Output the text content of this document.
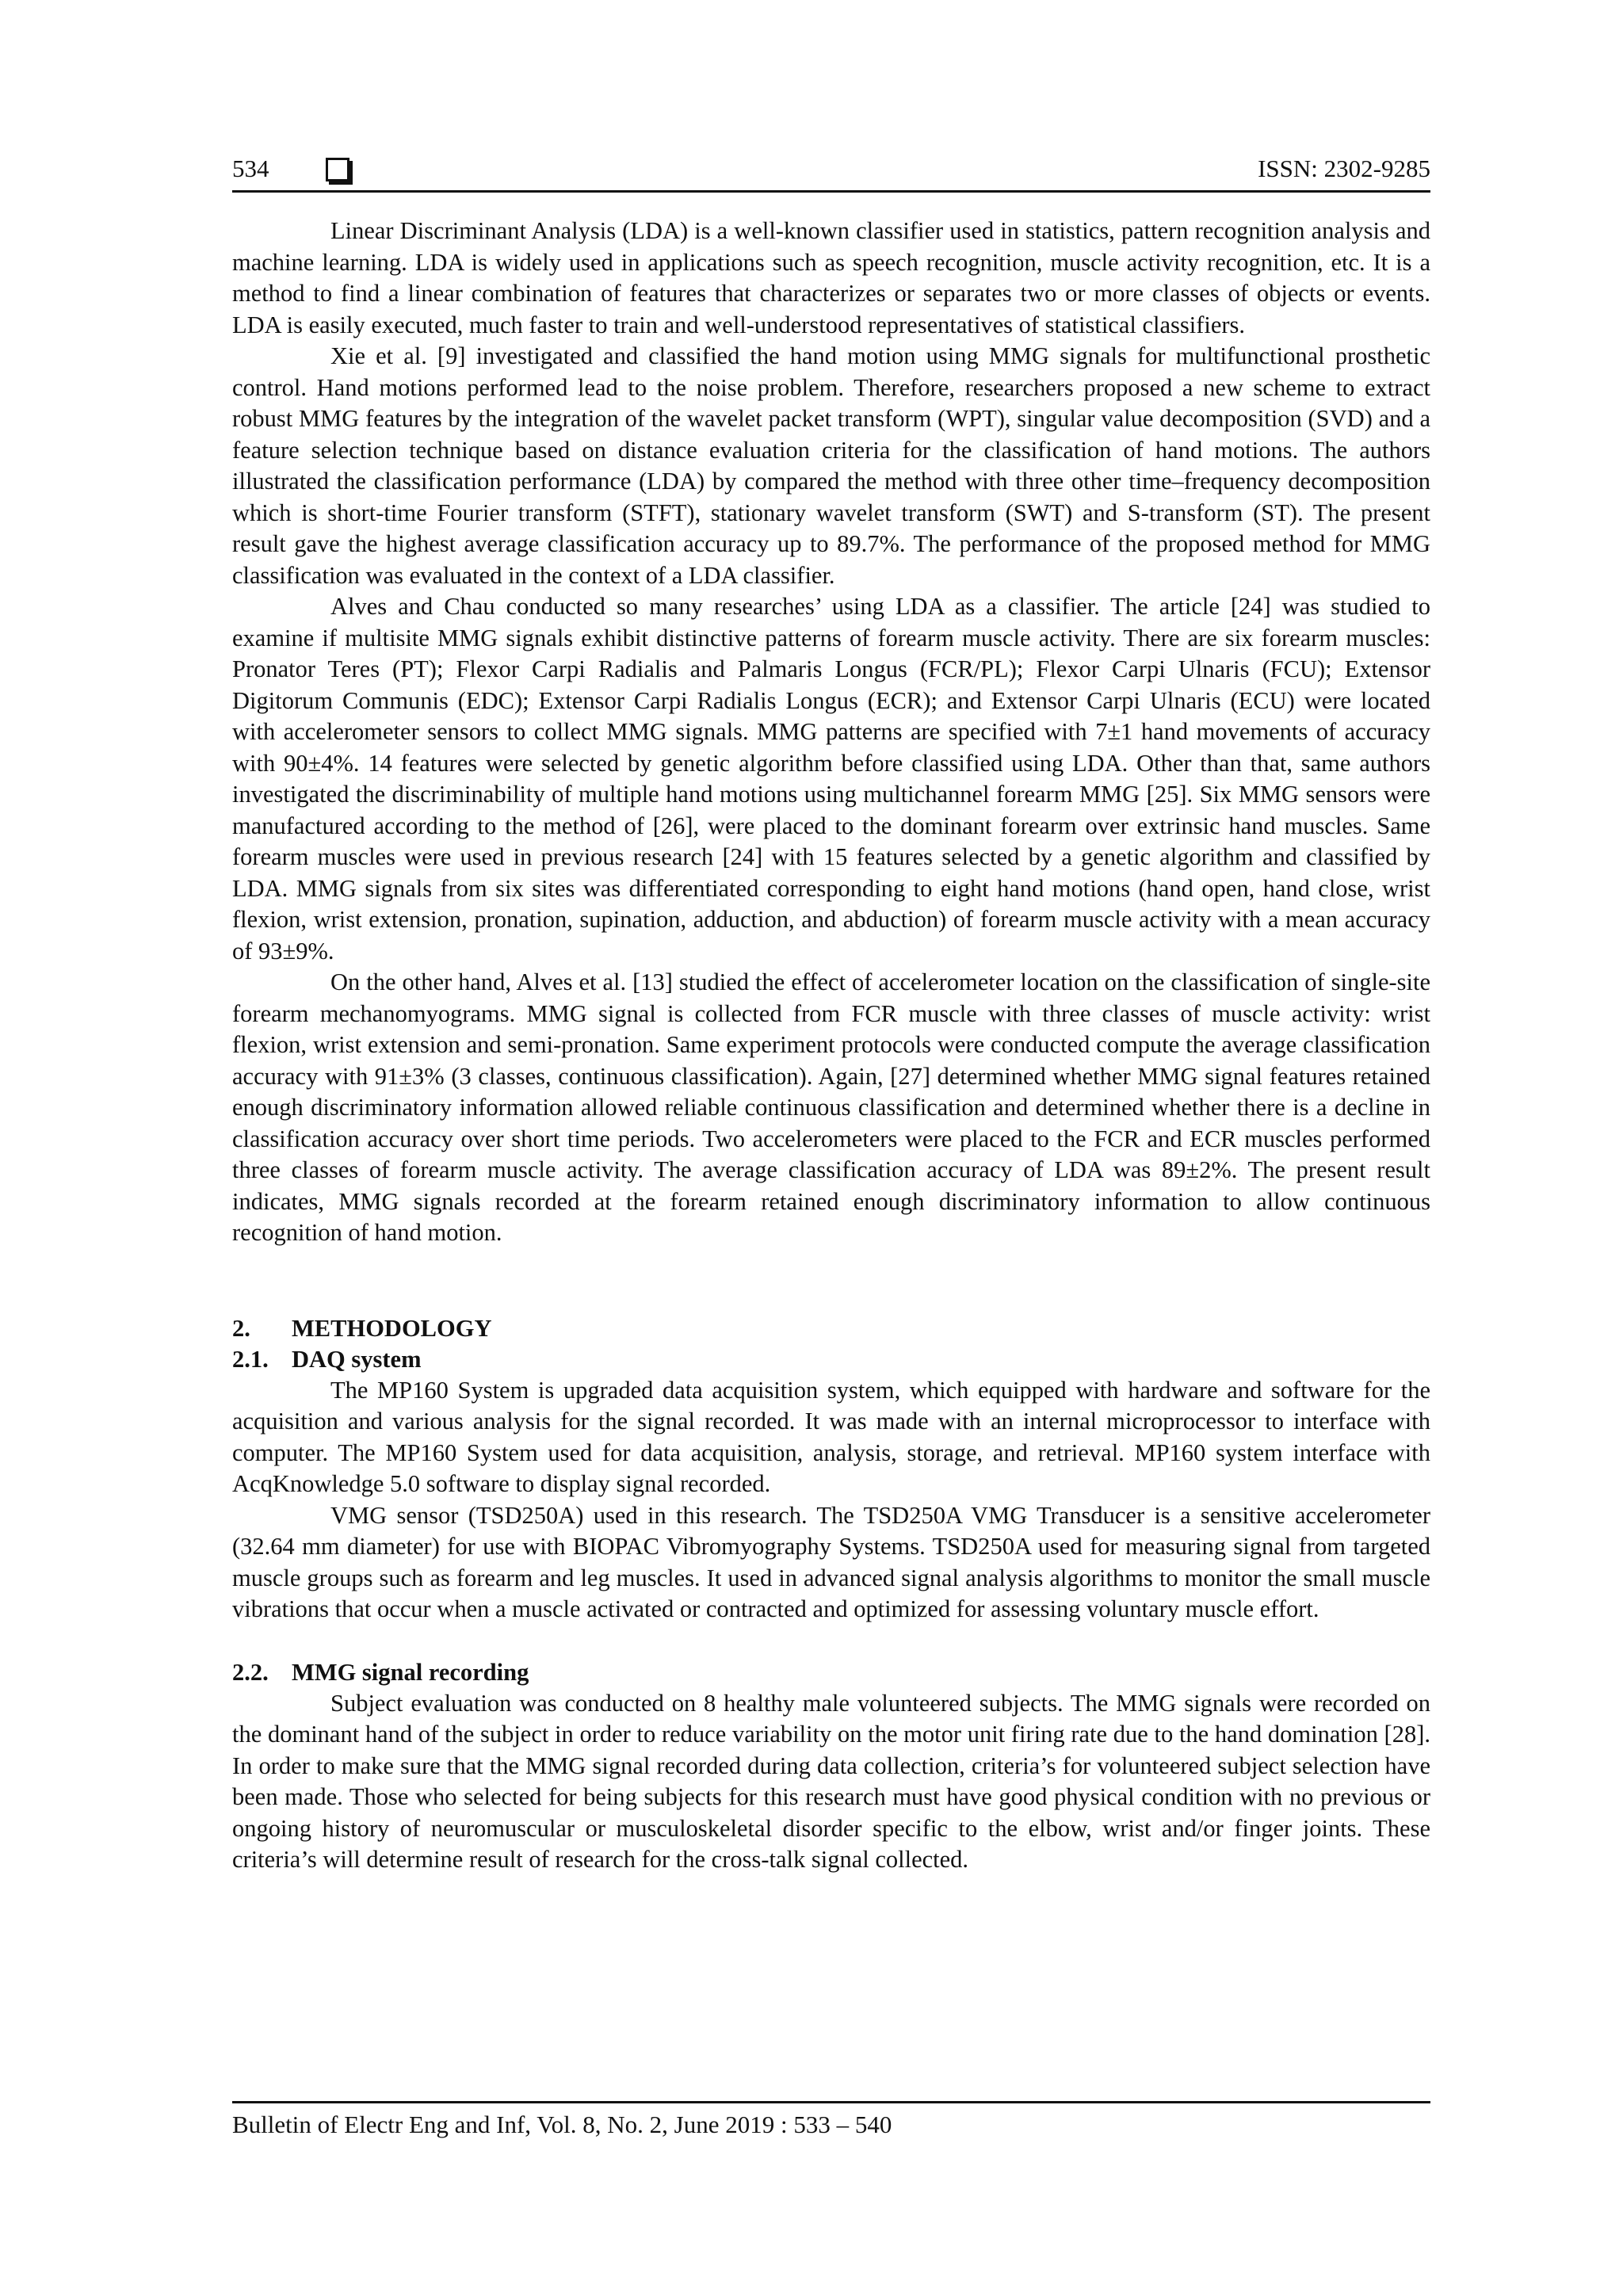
534	ISSN: 2302-9285

Linear Discriminant Analysis (LDA) is a well-known classifier used in statistics, pattern recognition analysis and machine learning. LDA is widely used in applications such as speech recognition, muscle activity recognition, etc. It is a method to find a linear combination of features that characterizes or separates two or more classes of objects or events. LDA is easily executed, much faster to train and well-understood representatives of statistical classifiers.

Xie et al. [9] investigated and classified the hand motion using MMG signals for multifunctional prosthetic control. Hand motions performed lead to the noise problem. Therefore, researchers proposed a new scheme to extract robust MMG features by the integration of the wavelet packet transform (WPT), singular value decomposition (SVD) and a feature selection technique based on distance evaluation criteria for the classification of hand motions. The authors illustrated the classification performance (LDA) by compared the method with three other time–frequency decomposition which is short-time Fourier transform (STFT), stationary wavelet transform (SWT) and S-transform (ST). The present result gave the highest average classification accuracy up to 89.7%. The performance of the proposed method for MMG classification was evaluated in the context of a LDA classifier.

Alves and Chau conducted so many researches’ using LDA as a classifier. The article [24] was studied to examine if multisite MMG signals exhibit distinctive patterns of forearm muscle activity. There are six forearm muscles: Pronator Teres (PT); Flexor Carpi Radialis and Palmaris Longus (FCR/PL); Flexor Carpi Ulnaris (FCU); Extensor Digitorum Communis (EDC); Extensor Carpi Radialis Longus (ECR); and Extensor Carpi Ulnaris (ECU) were located with accelerometer sensors to collect MMG signals. MMG patterns are specified with 7±1 hand movements of accuracy with 90±4%. 14 features were selected by genetic algorithm before classified using LDA. Other than that, same authors investigated the discriminability of multiple hand motions using multichannel forearm MMG [25]. Six MMG sensors were manufactured according to the method of [26], were placed to the dominant forearm over extrinsic hand muscles. Same forearm muscles were used in previous research [24] with 15 features selected by a genetic algorithm and classified by LDA. MMG signals from six sites was differentiated corresponding to eight hand motions (hand open, hand close, wrist flexion, wrist extension, pronation, supination, adduction, and abduction) of forearm muscle activity with a mean accuracy of 93±9%.

On the other hand, Alves et al. [13] studied the effect of accelerometer location on the classification of single-site forearm mechanomyograms. MMG signal is collected from FCR muscle with three classes of muscle activity: wrist flexion, wrist extension and semi-pronation. Same experiment protocols were conducted compute the average classification accuracy with 91±3% (3 classes, continuous classification). Again, [27] determined whether MMG signal features retained enough discriminatory information allowed reliable continuous classification and determined whether there is a decline in classification accuracy over short time periods. Two accelerometers were placed to the FCR and ECR muscles performed three classes of forearm muscle activity. The average classification accuracy of LDA was 89±2%. The present result indicates, MMG signals recorded at the forearm retained enough discriminatory information to allow continuous recognition of hand motion.

2. METHODOLOGY
2.1. DAQ system

The MP160 System is upgraded data acquisition system, which equipped with hardware and software for the acquisition and various analysis for the signal recorded. It was made with an internal microprocessor to interface with computer. The MP160 System used for data acquisition, analysis, storage, and retrieval. MP160 system interface with AcqKnowledge 5.0 software to display signal recorded.

VMG sensor (TSD250A) used in this research. The TSD250A VMG Transducer is a sensitive accelerometer (32.64 mm diameter) for use with BIOPAC Vibromyography Systems. TSD250A used for measuring signal from targeted muscle groups such as forearm and leg muscles. It used in advanced signal analysis algorithms to monitor the small muscle vibrations that occur when a muscle activated or contracted and optimized for assessing voluntary muscle effort.

2.2. MMG signal recording

Subject evaluation was conducted on 8 healthy male volunteered subjects. The MMG signals were recorded on the dominant hand of the subject in order to reduce variability on the motor unit firing rate due to the hand domination [28]. In order to make sure that the MMG signal recorded during data collection, criteria’s for volunteered subject selection have been made. Those who selected for being subjects for this research must have good physical condition with no previous or ongoing history of neuromuscular or musculoskeletal disorder specific to the elbow, wrist and/or finger joints. These criteria’s will determine result of research for the cross-talk signal collected.

Bulletin of Electr Eng and Inf, Vol. 8, No. 2, June 2019 : 533 – 540
